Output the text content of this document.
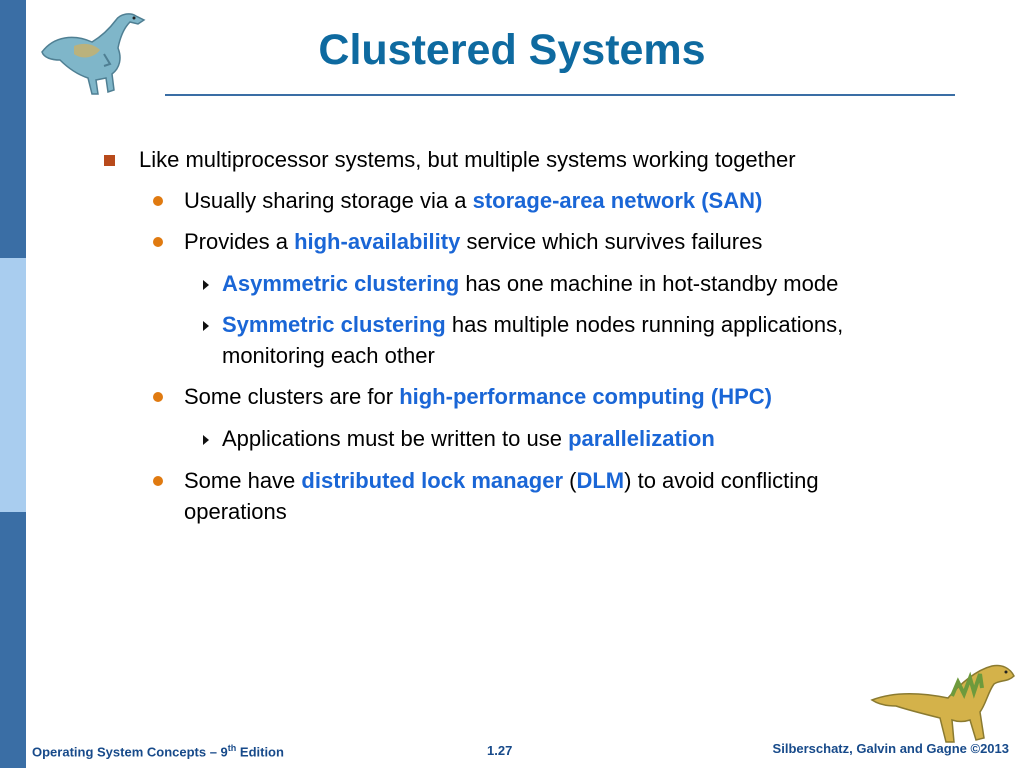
Clustered Systems
Like multiprocessor systems, but multiple systems working together
Usually sharing storage via a storage-area network (SAN)
Provides a high-availability service which survives failures
Asymmetric clustering has one machine in hot-standby mode
Symmetric clustering has multiple nodes running applications,
monitoring each other
Some clusters are for high-performance computing (HPC)
Applications must be written to use parallelization
Some have distributed lock manager (DLM) to avoid conflicting
operations
Operating System Concepts – 9th Edition	1.27	Silberschatz, Galvin and Gagne ©2013
